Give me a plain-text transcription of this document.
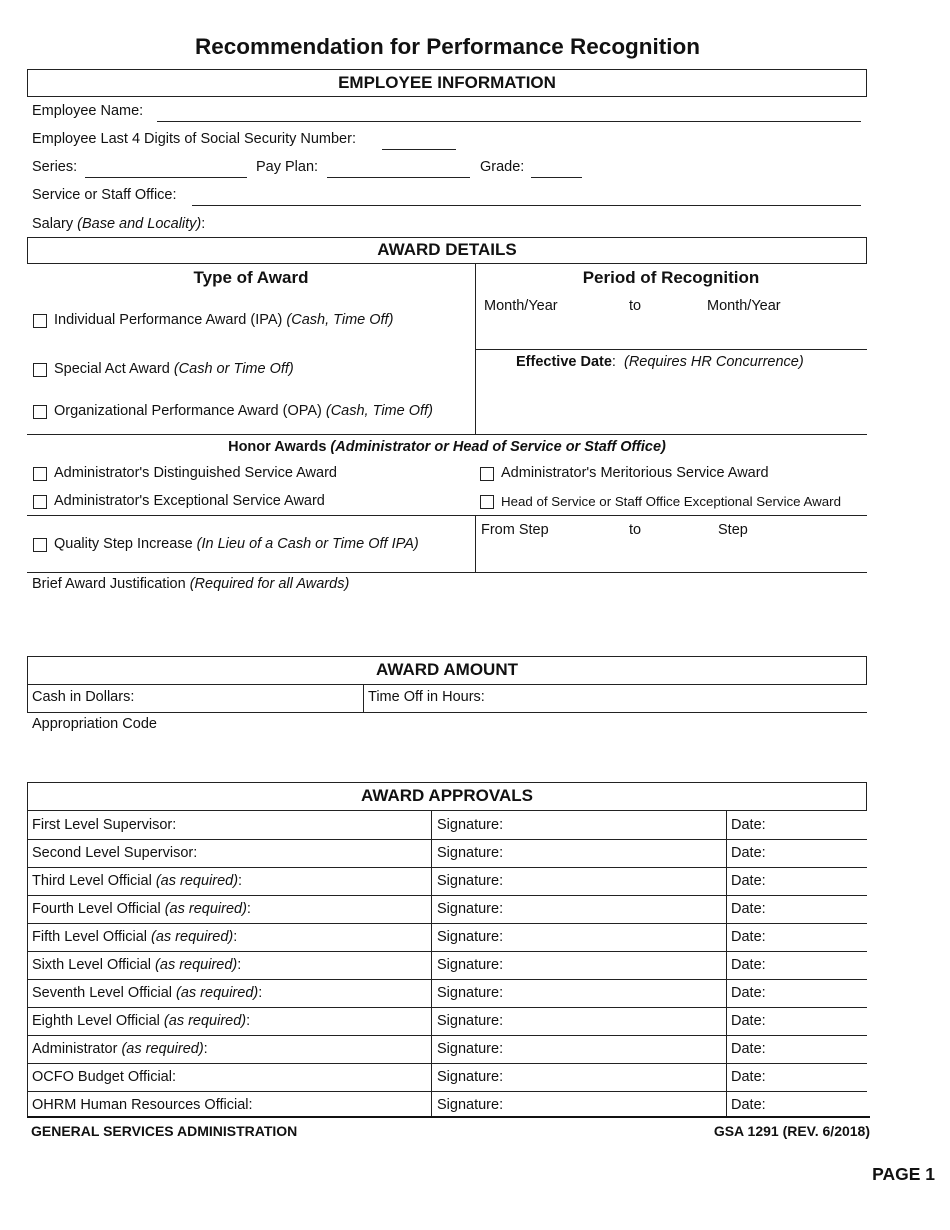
Recommendation for Performance Recognition
EMPLOYEE INFORMATION
Employee Name:
Employee Last 4 Digits of Social Security Number:
Series:	Pay Plan:	Grade:
Service or Staff Office:
Salary (Base and Locality):
AWARD DETAILS
Type of Award	Period of Recognition
Month/Year	to	Month/Year
Effective Date: (Requires HR Concurrence)
Individual Performance Award (IPA) (Cash, Time Off)
Special Act Award (Cash or Time Off)
Organizational Performance Award (OPA) (Cash, Time Off)
Honor Awards (Administrator or Head of Service or Staff Office)
Administrator's Distinguished Service Award	Administrator's Meritorious Service Award
Administrator's Exceptional Service Award	Head of Service or Staff Office Exceptional Service Award
Quality Step Increase (In Lieu of a Cash or Time Off IPA)
From Step	to	Step
Brief Award Justification (Required for all Awards)
AWARD AMOUNT
Cash in Dollars:	Time Off in Hours:
Appropriation Code
AWARD APPROVALS
First Level Supervisor:	Signature:	Date:
Second Level Supervisor:	Signature:	Date:
Third Level Official (as required):	Signature:	Date:
Fourth Level Official (as required):	Signature:	Date:
Fifth Level Official (as required):	Signature:	Date:
Sixth Level Official (as required):	Signature:	Date:
Seventh Level Official (as required):	Signature:	Date:
Eighth Level Official (as required):	Signature:	Date:
Administrator (as required):	Signature:	Date:
OCFO Budget Official:	Signature:	Date:
OHRM Human Resources Official:	Signature:	Date:
GENERAL SERVICES ADMINISTRATION	GSA 1291 (REV. 6/2018)
PAGE 1
